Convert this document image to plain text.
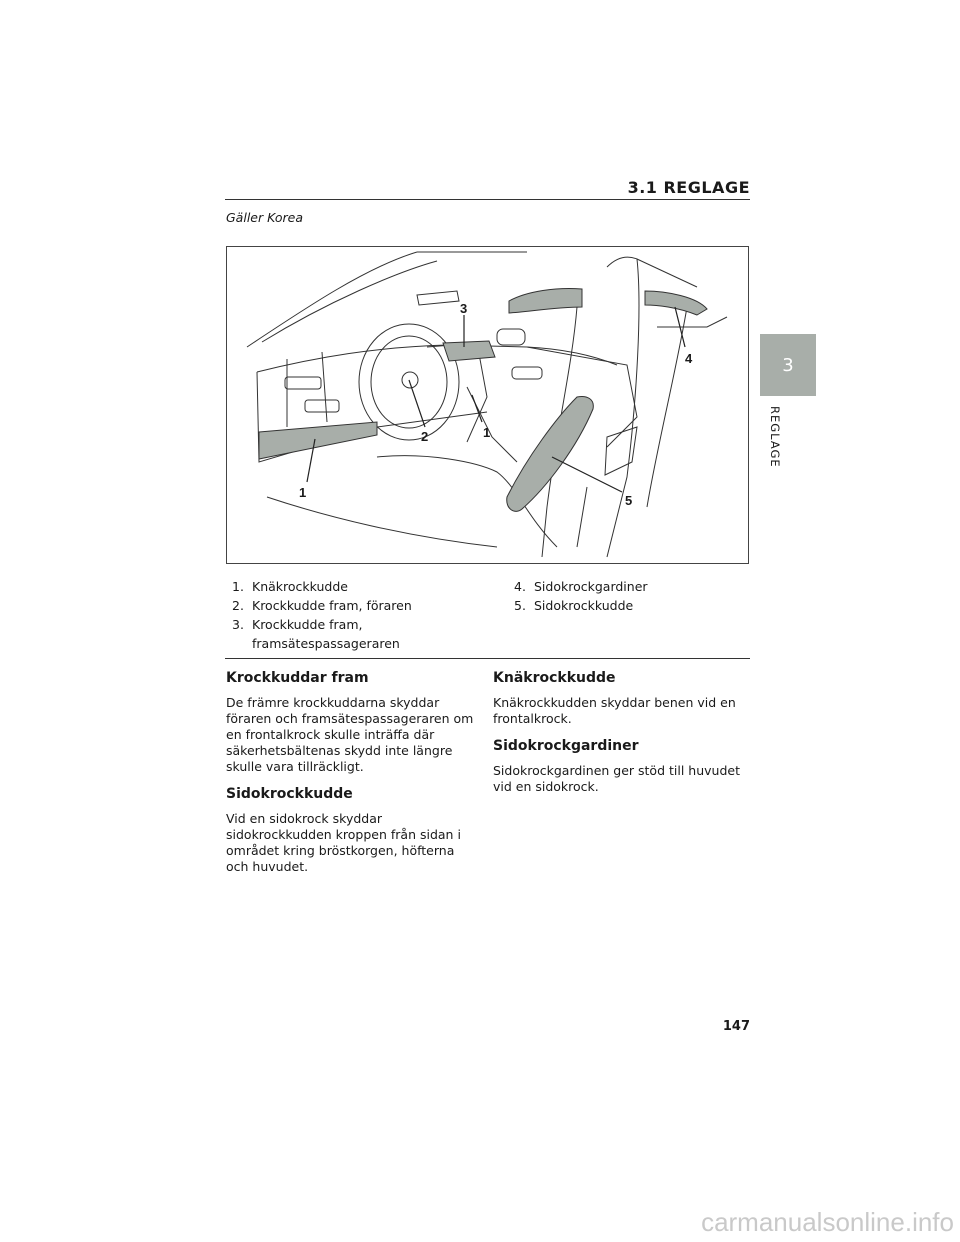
3.1 REGLAGE
Gäller Korea
3
4
2	1
1
5
1. Knäkrockkudde
2. Krockkudde fram, föraren
3. Krockkudde fram,
framsätespassageraren
4. Sidokrockgardiner
5. Sidokrockkudde
Krockkuddar fram

De främre krockkuddarna skyddar föraren och framsätespassageraren om en frontalkrock skulle inträffa där säkerhetsbältenas skydd inte längre skulle vara tillräckligt.

Sidokrockkudde

Vid en sidokrock skyddar sidokrockkudden kroppen från sidan i området kring bröstkorgen, höfterna och huvudet.

Knäkrockkudde

Knäkrockkudden skyddar benen vid en frontalkrock.

Sidokrockgardiner

Sidokrockgardinen ger stöd till huvudet vid en sidokrock.

3
REGLAGE
147
carmanualsonline.info
